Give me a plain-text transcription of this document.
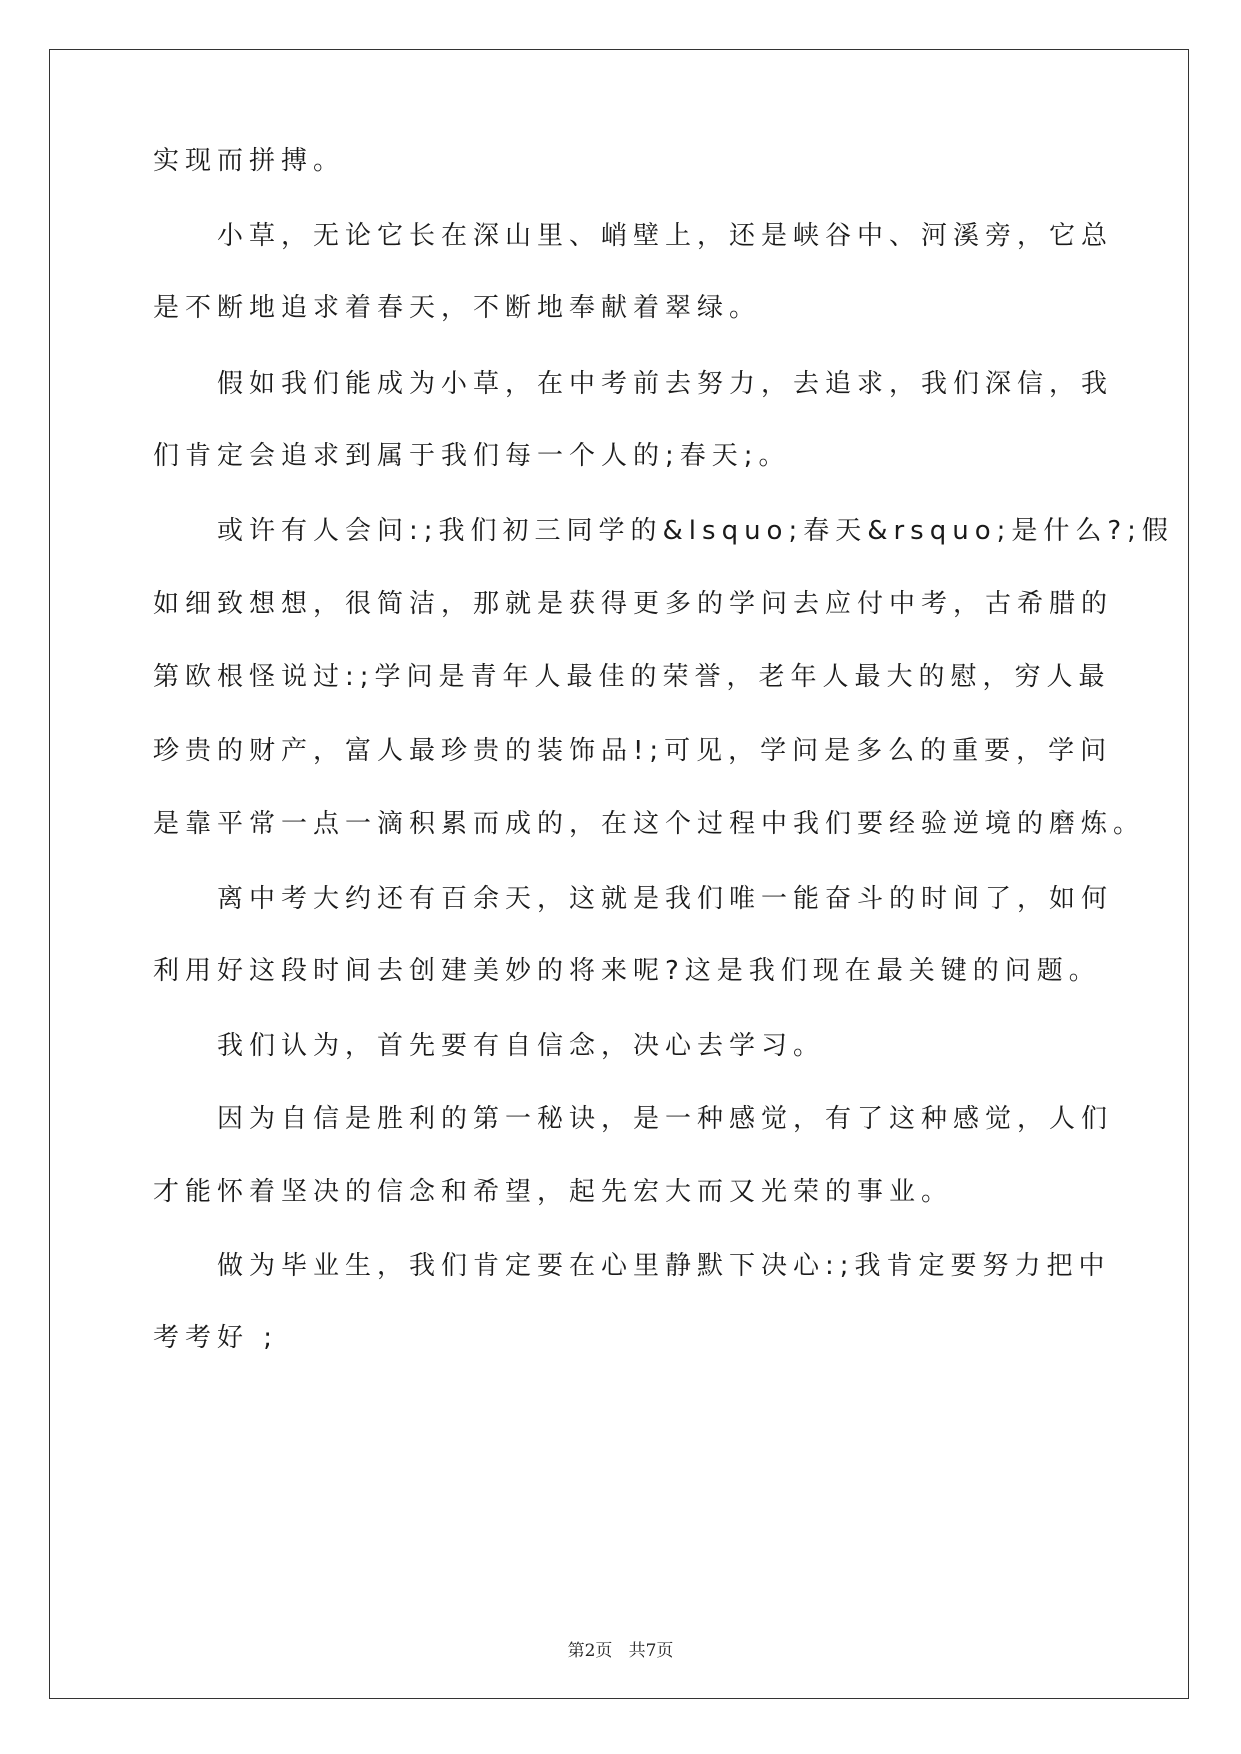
实现而拼搏。
小草，无论它长在深山里、峭壁上，还是峡谷中、河溪旁，它总
是不断地追求着春天，不断地奉献着翠绿。
假如我们能成为小草，在中考前去努力，去追求，我们深信，我
们肯定会追求到属于我们每一个人的;春天;。
或许有人会问:;我们初三同学的&lsquo;春天&rsquo;是什么?;假
如细致想想，很简洁，那就是获得更多的学问去应付中考，古希腊的
第欧根怪说过:;学问是青年人最佳的荣誉，老年人最大的慰，穷人最
珍贵的财产，富人最珍贵的装饰品!;可见，学问是多么的重要，学问
是靠平常一点一滴积累而成的，在这个过程中我们要经验逆境的磨炼。
离中考大约还有百余天，这就是我们唯一能奋斗的时间了，如何
利用好这段时间去创建美妙的将来呢?这是我们现在最关键的问题。
我们认为，首先要有自信念，决心去学习。
因为自信是胜利的第一秘诀，是一种感觉，有了这种感觉，人们
才能怀着坚决的信念和希望，起先宏大而又光荣的事业。
做为毕业生，我们肯定要在心里静默下决心:;我肯定要努力把中
考考好 ;
第2页   共7页
